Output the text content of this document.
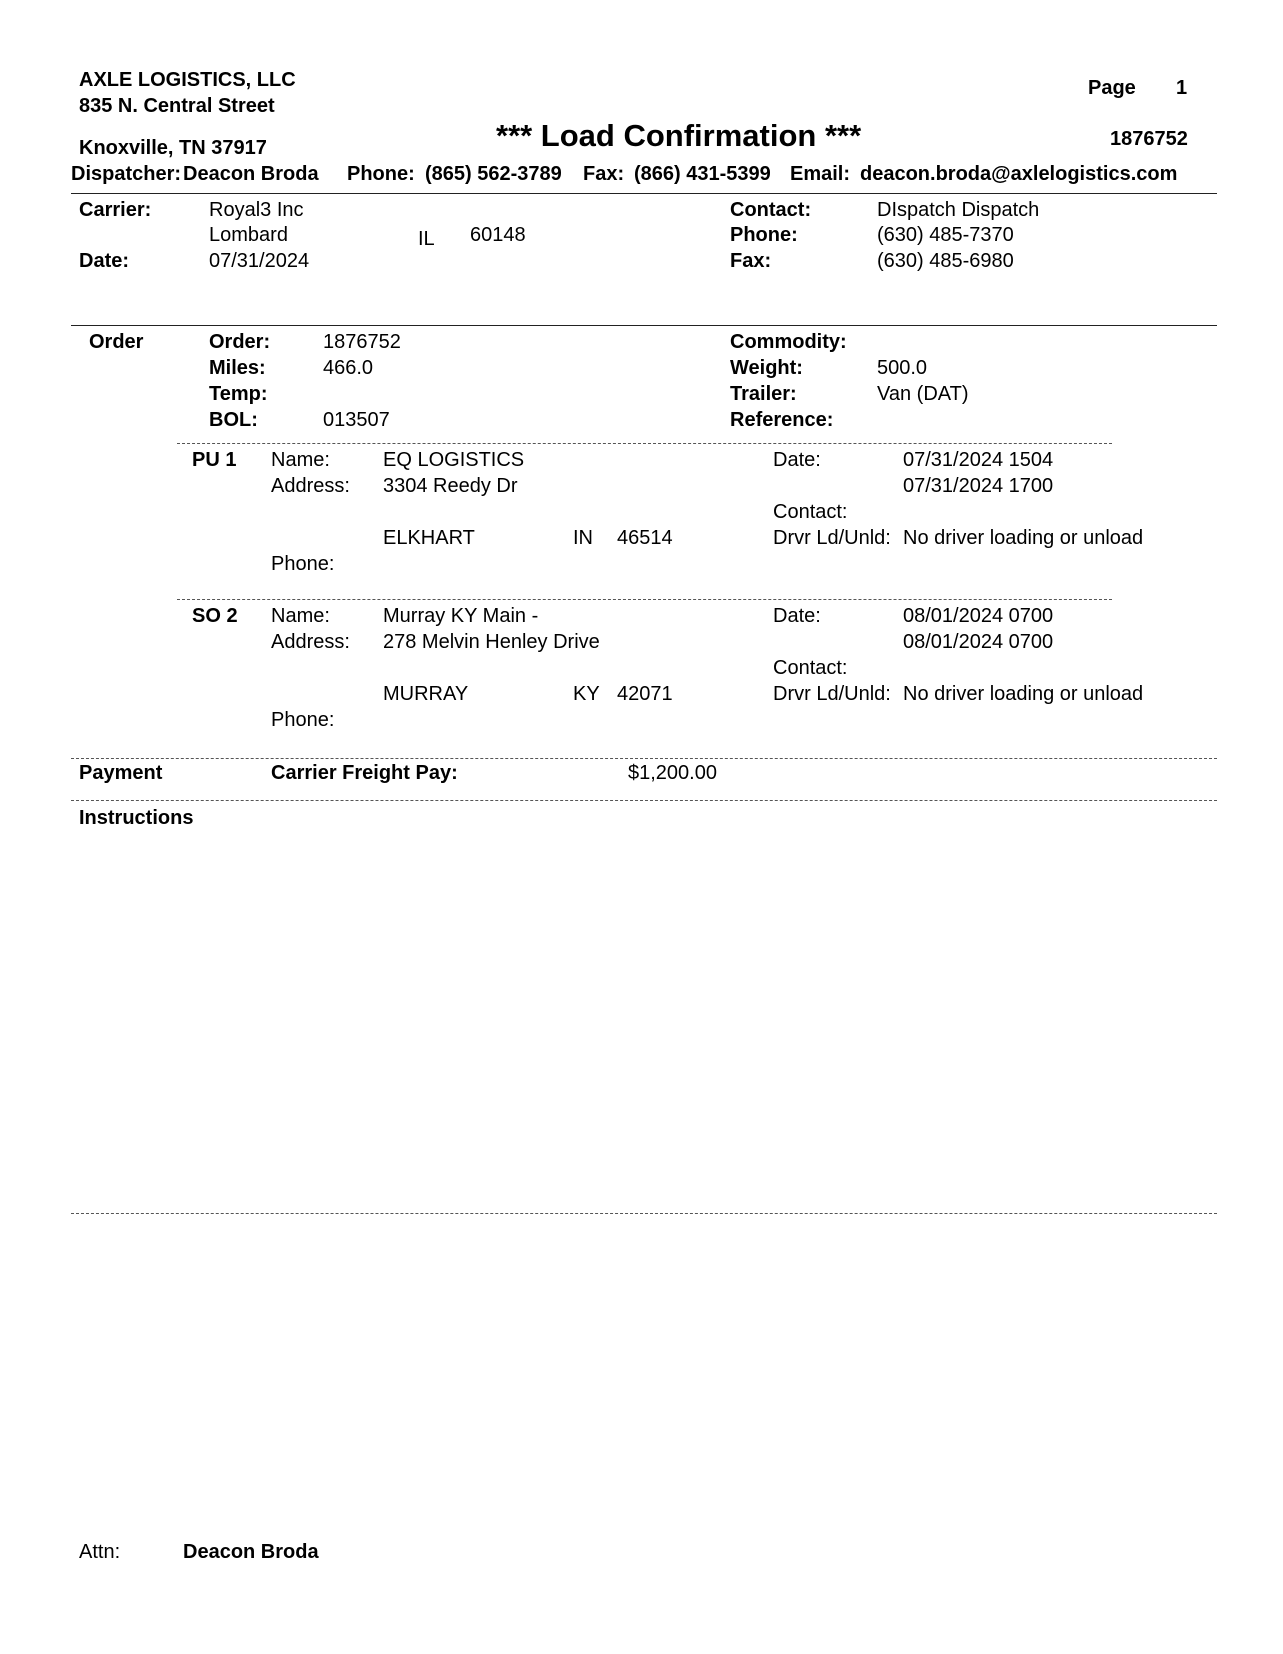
AXLE LOGISTICS, LLC
835 N. Central Street
Knoxville, TN 37917
Page 1
*** Load Confirmation ***	1876752
Dispatcher: Deacon Broda Phone: (865) 562-3789 Fax: (866) 431-5399 Email: deacon.broda@axlelogistics.com
Carrier:	Royal3 Inc
Lombard	IL 60148
Date:	07/31/2024
Contact:	DIspatch Dispatch
Phone:	(630) 485-7370
Fax:	(630) 485-6980
Order	Order:	1876752
Miles:	466.0
Temp:
BOL:	013507
Commodity:
Weight:	500.0
Trailer:	Van (DAT)
Reference:
PU 1 Name:	EQ LOGISTICS
Address: 3304 Reedy Dr
ELKHART	IN 46514
Phone:
Date:	07/31/2024 1504
07/31/2024 1700
Contact:
Drvr Ld/Unld: No driver loading or unload
SO 2 Name:	Murray KY Main -
Address: 278 Melvin Henley Drive
MURRAY	KY 42071
Phone:
Date:	08/01/2024 0700
08/01/2024 0700
Contact:
Drvr Ld/Unld: No driver loading or unload
Payment	Carrier Freight Pay:	$1,200.00
Instructions
Attn:	Deacon Broda
